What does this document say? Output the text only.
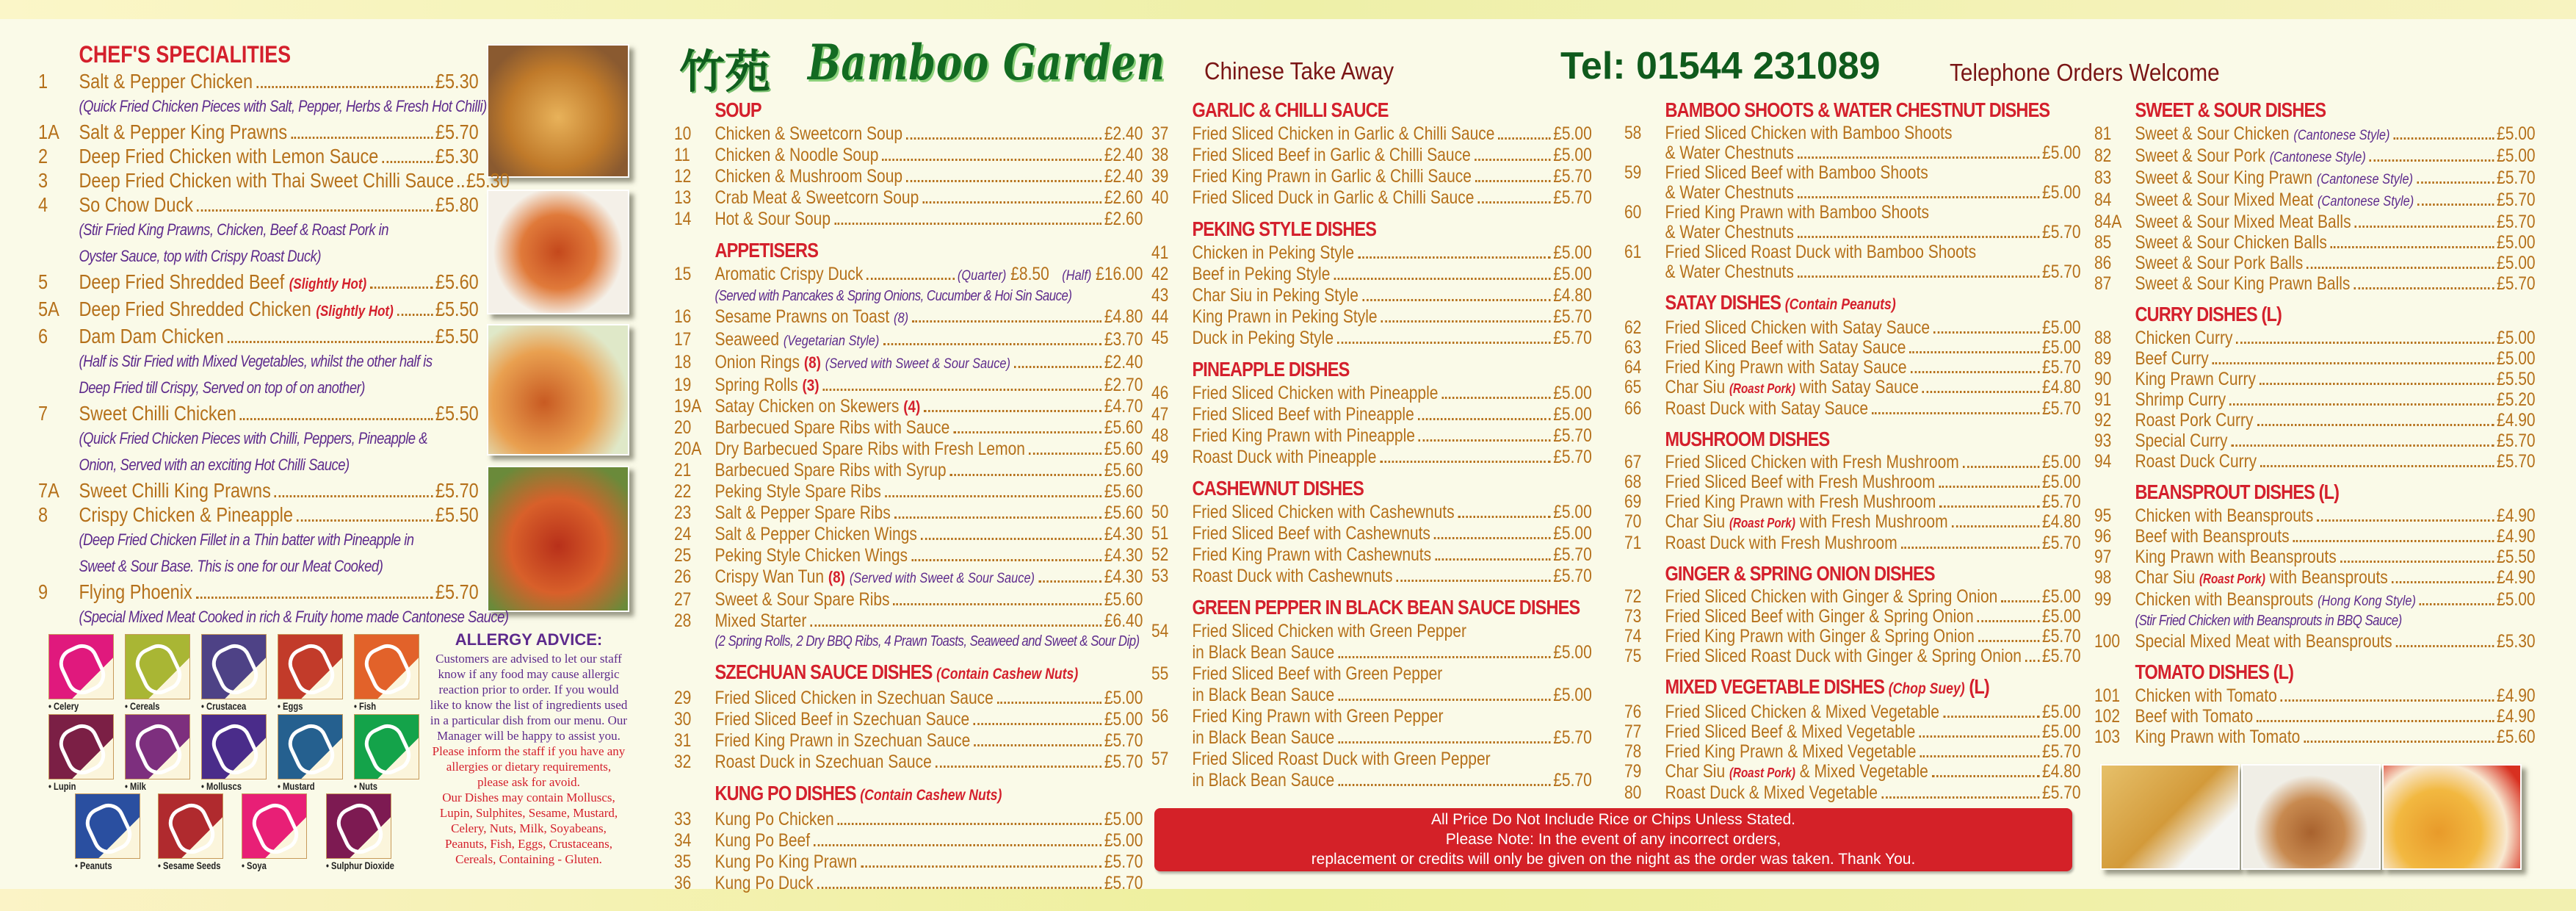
竹苑 Bamboo Garden Chinese Take Away	Tel: 01544 231089	Telephone Orders Welcome
CHEF'S SPECIALITIES
1	Salt & Pepper Chicken	£5.30
(Quick Fried Chicken Pieces with Salt, Pepper, Herbs & Fresh Hot Chilli)
1A Salt & Pepper King Prawns	£5.70
2	Deep Fried Chicken with Lemon Sauce	£5.30
3	Deep Fried Chicken with Thai Sweet Chilli Sauce £5.30
4	So Chow Duck	£5.80
(Stir Fried King Prawns, Chicken, Beef & Roast Pork in
Oyster Sauce, top with Crispy Roast Duck)
5	Deep Fried Shredded Beef (Slightly Hot)	£5.60
5A Deep Fried Shredded Chicken (Slightly Hot) £5.50
6	Dam Dam Chicken	£5.50
(Half is Stir Fried with Mixed Vegetables, whilst the other half is
Deep Fried till Crispy, Served on top of on another)
7	Sweet Chilli Chicken	£5.50
(Quick Fried Chicken Pieces with Chilli, Peppers, Pineapple &
Onion, Served with an exciting Hot Chilli Sauce)
7A Sweet Chilli King Prawns	£5.70
8	Crispy Chicken & Pineapple	£5.50
(Deep Fried Chicken Fillet in a Thin batter with Pineapple in
Sweet & Sour Base. This is one for our Meat Cooked)
9	Flying Phoenix	£5.70
(Special Mixed Meat Cooked in rich & Fruity home made Cantonese Sauce)
SOUP
10	Chicken & Sweetcorn Soup	£2.40
11	Chicken & Noodle Soup	£2.40
12	Chicken & Mushroom Soup	£2.40
13	Crab Meat & Sweetcorn Soup	£2.60
14	Hot & Sour Soup	£2.60
APPETISERS
15	Aromatic Crispy Duck	(Quarter) £8.50 (Half) £16.00
(Served with Pancakes & Spring Onions, Cucumber & Hoi Sin Sauce)
16	Sesame Prawns on Toast (8)	£4.80
17	Seaweed (Vegetarian Style)	£3.70
18	Onion Rings (8) (Served with Sweet & Sour Sauce)	£2.40
19	Spring Rolls (3)	£2.70
19A Satay Chicken on Skewers (4)	£4.70
20	Barbecued Spare Ribs with Sauce	£5.60
20A Dry Barbecued Spare Ribs with Fresh Lemon	£5.60
21	Barbecued Spare Ribs with Syrup	£5.60
22	Peking Style Spare Ribs	£5.60
23	Salt & Pepper Spare Ribs	£5.60
24	Salt & Pepper Chicken Wings	£4.30
25	Peking Style Chicken Wings	£4.30
26	Crispy Wan Tun (8) (Served with Sweet & Sour Sauce)	£4.30
27	Sweet & Sour Spare Ribs	£5.60
28	Mixed Starter	£6.40
(2 Spring Rolls, 2 Dry BBQ Ribs, 4 Prawn Toasts, Seaweed and Sweet & Sour Dip)
SZECHUAN SAUCE DISHES (Contain Cashew Nuts)
29	Fried Sliced Chicken in Szechuan Sauce	£5.00
30	Fried Sliced Beef in Szechuan Sauce	£5.00
31	Fried King Prawn in Szechuan Sauce	£5.70
32	Roast Duck in Szechuan Sauce	£5.70
KUNG PO DISHES (Contain Cashew Nuts)
33	Kung Po Chicken	£5.00
34	Kung Po Beef	£5.00
35	Kung Po King Prawn	£5.70
36	Kung Po Duck	£5.70
GARLIC & CHILLI SAUCE
37	Fried Sliced Chicken in Garlic & Chilli Sauce	£5.00
38	Fried Sliced Beef in Garlic & Chilli Sauce	£5.00
39	Fried King Prawn in Garlic & Chilli Sauce	£5.70
40	Fried Sliced Duck in Garlic & Chilli Sauce	£5.70
PEKING STYLE DISHES
41	Chicken in Peking Style	£5.00
42	Beef in Peking Style	£5.00
43	Char Siu in Peking Style	£4.80
44	King Prawn in Peking Style	£5.70
45	Duck in Peking Style	£5.70
PINEAPPLE DISHES
46	Fried Sliced Chicken with Pineapple	£5.00
47	Fried Sliced Beef with Pineapple	£5.00
48	Fried King Prawn with Pineapple	£5.70
49	Roast Duck with Pineapple	£5.70
CASHEWNUT DISHES
50	Fried Sliced Chicken with Cashewnuts	£5.00
51	Fried Sliced Beef with Cashewnuts	£5.00
52	Fried King Prawn with Cashewnuts	£5.70
53	Roast Duck with Cashewnuts	£5.70
GREEN PEPPER IN BLACK BEAN SAUCE DISHES
54	Fried Sliced Chicken with Green Pepper
in Black Bean Sauce	£5.00
55	Fried Sliced Beef with Green Pepper
in Black Bean Sauce	£5.00
56	Fried King Prawn with Green Pepper
in Black Bean Sauce	£5.70
57	Fried Sliced Roast Duck with Green Pepper
in Black Bean Sauce	£5.70
BAMBOO SHOOTS & WATER CHESTNUT DISHES
58	Fried Sliced Chicken with Bamboo Shoots
& Water Chestnuts	£5.00
59	Fried Sliced Beef with Bamboo Shoots
& Water Chestnuts	£5.00
60	Fried King Prawn with Bamboo Shoots
& Water Chestnuts	£5.70
61	Fried Sliced Roast Duck with Bamboo Shoots
& Water Chestnuts	£5.70
SATAY DISHES (Contain Peanuts)
62	Fried Sliced Chicken with Satay Sauce	£5.00
63	Fried Sliced Beef with Satay Sauce	£5.00
64	Fried King Prawn with Satay Sauce	£5.70
65	Char Siu (Roast Pork) with Satay Sauce	£4.80
66	Roast Duck with Satay Sauce	£5.70
MUSHROOM DISHES
67	Fried Sliced Chicken with Fresh Mushroom	£5.00
68	Fried Sliced Beef with Fresh Mushroom	£5.00
69	Fried King Prawn with Fresh Mushroom	£5.70
70	Char Siu (Roast Pork) with Fresh Mushroom	£4.80
71	Roast Duck with Fresh Mushroom	£5.70
GINGER & SPRING ONION DISHES
72	Fried Sliced Chicken with Ginger & Spring Onion £5.00
73	Fried Sliced Beef with Ginger & Spring Onion	£5.00
74	Fried King Prawn with Ginger & Spring Onion	£5.70
75	Fried Sliced Roast Duck with Ginger & Spring Onion £5.70
MIXED VEGETABLE DISHES (Chop Suey) (L)
76	Fried Sliced Chicken & Mixed Vegetable	£5.00
77	Fried Sliced Beef & Mixed Vegetable	£5.00
78	Fried King Prawn & Mixed Vegetable	£5.70
79	Char Siu (Roast Pork) & Mixed Vegetable	£4.80
80	Roast Duck & Mixed Vegetable	£5.70
SWEET & SOUR DISHES
81	Sweet & Sour Chicken (Cantonese Style)	£5.00
82	Sweet & Sour Pork (Cantonese Style)	£5.00
83	Sweet & Sour King Prawn (Cantonese Style)	£5.70
84	Sweet & Sour Mixed Meat (Cantonese Style)	£5.70
84A Sweet & Sour Mixed Meat Balls	£5.70
85	Sweet & Sour Chicken Balls	£5.00
86	Sweet & Sour Pork Balls	£5.00
87	Sweet & Sour King Prawn Balls	£5.70
CURRY DISHES (L)
88	Chicken Curry	£5.00
89	Beef Curry	£5.00
90	King Prawn Curry	£5.50
91	Shrimp Curry	£5.20
92	Roast Pork Curry	£4.90
93	Special Curry	£5.70
94	Roast Duck Curry	£5.70
BEANSPROUT DISHES (L)
95	Chicken with Beansprouts	£4.90
96	Beef with Beansprouts	£4.90
97	King Prawn with Beansprouts	£5.50
98	Char Siu (Roast Pork) with Beansprouts	£4.90
99	Chicken with Beansprouts (Hong Kong Style)	£5.00
(Stir Fried Chicken with Beansprouts in BBQ Sauce)
100 Special Mixed Meat with Beansprouts	£5.30
TOMATO DISHES (L)
101 Chicken with Tomato	£4.90
102 Beef with Tomato	£4.90
103 King Prawn with Tomato	£5.60
• Celery	• Cereals	• Crustacea	• Eggs	• Fish
• Lupin	• Milk	• Molluscs	• Mustard	• Nuts
• Peanuts	• Sesame Seeds • Soya	• Sulphur Dioxide
ALLERGY ADVICE:
Customers are advised to let our staff
know if any food may cause allergic
reaction prior to order. If you would
like to know the list of ingredients used
in a particular dish from our menu. Our
Manager will be happy to assist you.
Please inform the staff if you have any
allergies or dietary requirements,
please ask for avoid.
Our Dishes may contain Molluscs,
Lupin, Sulphites, Sesame, Mustard,
Celery, Nuts, Milk, Soyabeans,
Peanuts, Fish, Eggs, Crustaceans,
Cereals, Containing - Gluten.
All Price Do Not Include Rice or Chips Unless Stated.
Please Note: In the event of any incorrect orders,
replacement or credits will only be given on the night as the order was taken. Thank You.
